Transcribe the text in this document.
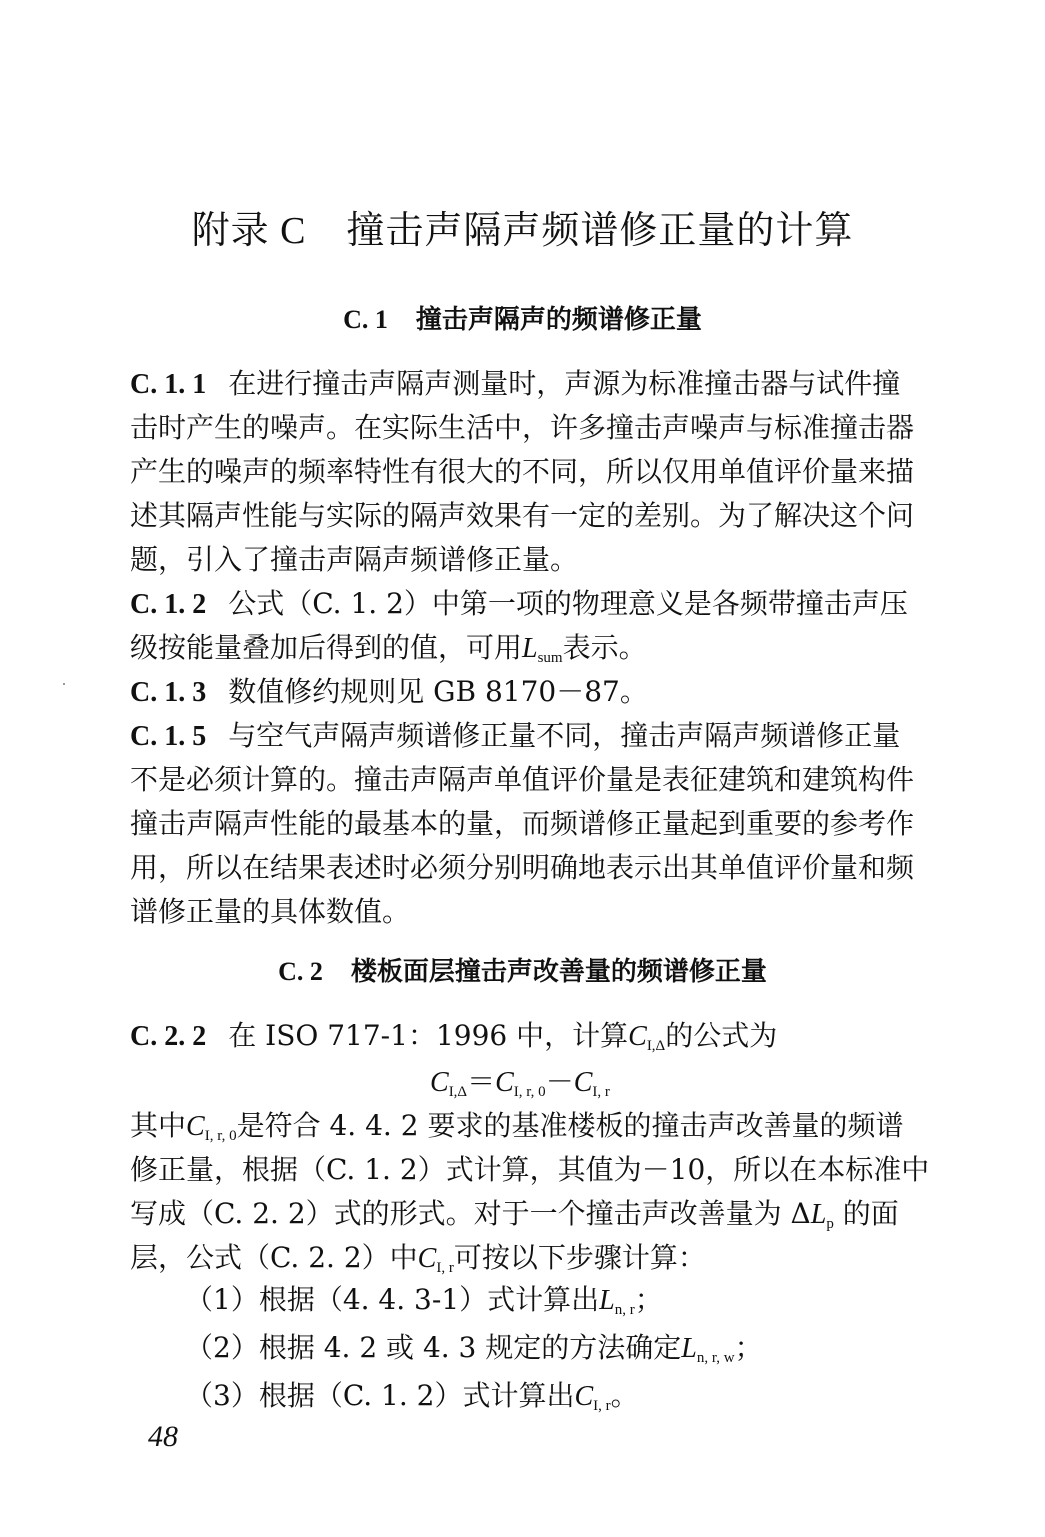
附录 C 撞击声隔声频谱修正量的计算
C. 1 撞击声隔声的频谱修正量
C. 1. 1 在进行撞击声隔声测量时，声源为标准撞击器与试件撞
击时产生的噪声。在实际生活中，许多撞击声噪声与标准撞击器
产生的噪声的频率特性有很大的不同，所以仅用单值评价量来描
述其隔声性能与实际的隔声效果有一定的差别。为了解决这个问
题，引入了撞击声隔声频谱修正量。
C. 1. 2 公式（C. 1. 2）中第一项的物理意义是各频带撞击声压
级按能量叠加后得到的值，可用$L_{sum}$表示。
C. 1. 3 数值修约规则见 GB 8170－87。
C. 1. 5 与空气声隔声频谱修正量不同，撞击声隔声频谱修正量
不是必须计算的。撞击声隔声单值评价量是表征建筑和建筑构件
撞击声隔声性能的最基本的量，而频谱修正量起到重要的参考作
用，所以在结果表述时必须分别明确地表示出其单值评价量和频
谱修正量的具体数值。
C. 2 楼板面层撞击声改善量的频谱修正量
C. 2. 2 在 ISO 717-1：1996 中，计算$C_{I,\Delta}$的公式为
$C_{I,\Delta}=C_{I, r, 0}-C_{I, r}$
其中$C_{I, r, 0}$是符合 4. 4. 2 要求的基准楼板的撞击声改善量的频谱
修正量，根据（C. 1. 2）式计算，其值为－10，所以在本标准中
写成（C. 2. 2）式的形式。对于一个撞击声改善量为 $\Delta L_p$ 的面
层，公式（C. 2. 2）中$C_{I, r}$可按以下步骤计算：
（1）根据（4. 4. 3-1）式计算出$L_{n, r}$；
（2）根据 4. 2 或 4. 3 规定的方法确定$L_{n, r, w}$；
（3）根据（C. 1. 2）式计算出$C_{I, r}$。
48
